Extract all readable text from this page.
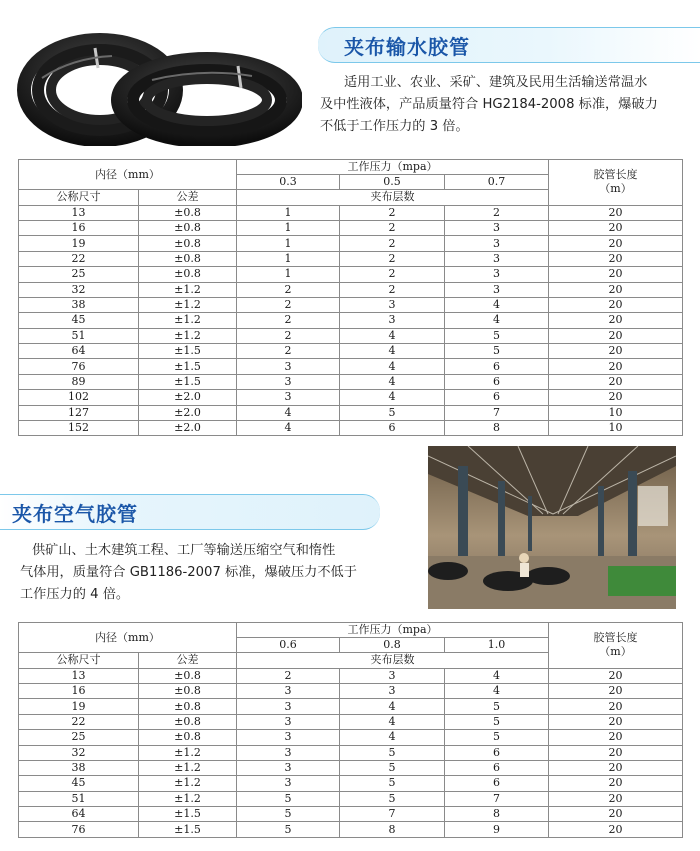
夹布输水胶管
适用工业、农业、采矿、建筑及民用生活输送常温水
及中性液体，产品质量符合 HG2184-2008 标准，爆破力
不低于工作压力的 3 倍。
内径（mm）		工作压力（mpa）			胶管长度
（m）

		0.3	0.5	0.7	
公称尺寸	公差	夹布层数			
13	±0.8	1	2	2	20
16	±0.8	1	2	3	20
19	±0.8	1	2	3	20
22	±0.8	1	2	3	20
25	±0.8	1	2	3	20
32	±1.2	2	2	3	20
38	±1.2	2	3	4	20
45	±1.2	2	3	4	20
51	±1.2	2	4	5	20
64	±1.5	2	4	5	20
76	±1.5	3	4	6	20
89	±1.5	3	4	6	20
102	±2.0	3	4	6	20
127	±2.0	4	5	7	10
152	±2.0	4	6	8	10
夹布空气胶管
供矿山、土木建筑工程、工厂等输送压缩空气和惰性
气体用，质量符合 GB1186-2007 标准，爆破压力不低于
工作压力的 4 倍。
内径（mm）		工作压力（mpa）			胶管长度
（m）

		0.6	0.8	1.0	
公称尺寸	公差	夹布层数			
13	±0.8	2	3	4	20
16	±0.8	3	3	4	20
19	±0.8	3	4	5	20
22	±0.8	3	4	5	20
25	±0.8	3	4	5	20
32	±1.2	3	5	6	20
38	±1.2	3	5	6	20
45	±1.2	3	5	6	20
51	±1.2	5	5	7	20
64	±1.5	5	7	8	20
76	±1.5	5	8	9	20
